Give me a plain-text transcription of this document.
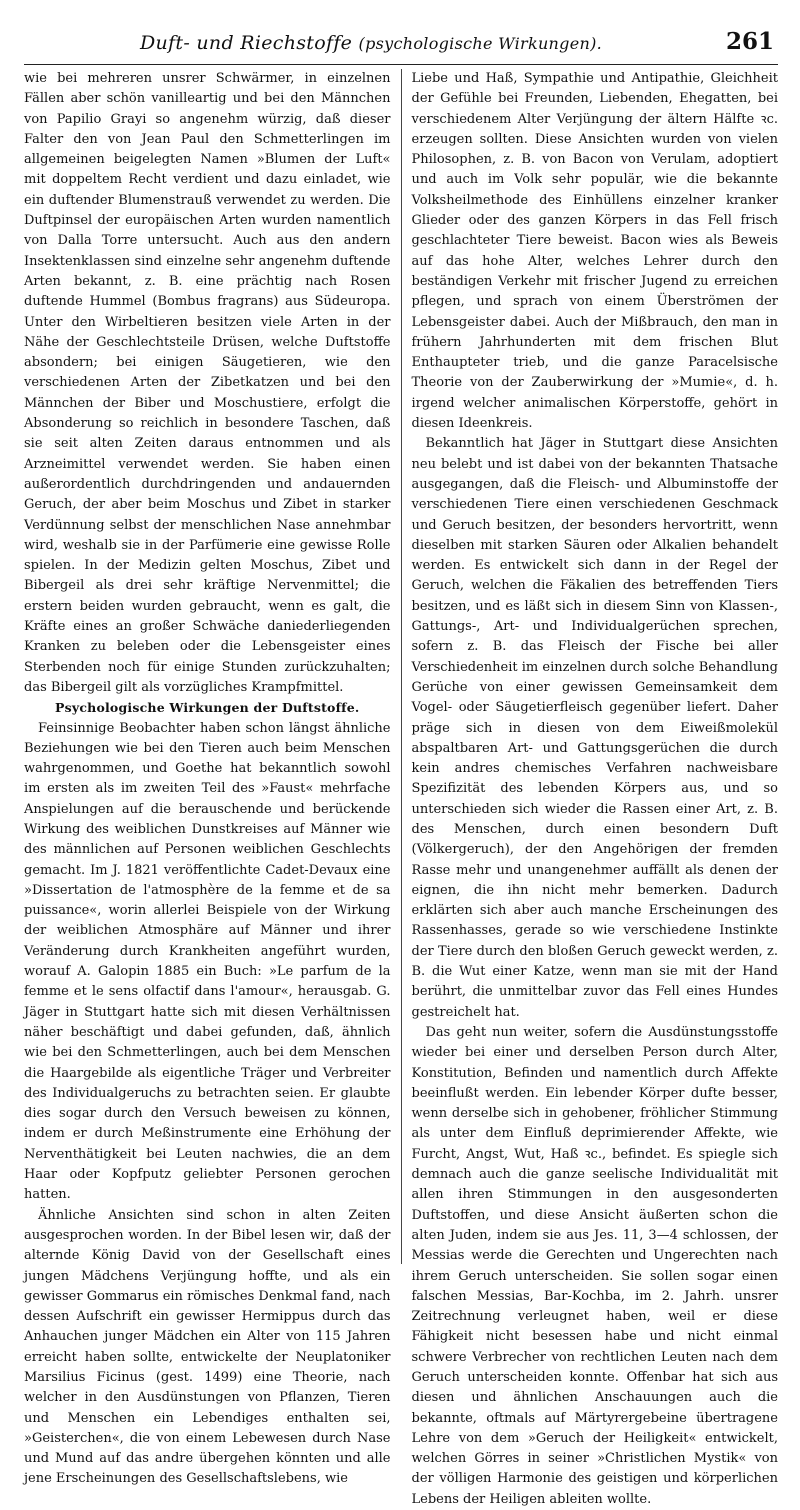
Duft- und Riechstoffe (psychologische Wirkungen).	261

wie bei mehreren unsrer Schwärmer, in einzelnen Fällen aber schön vanilleartig und bei den Männchen von Papilio Grayi so angenehm würzig, daß dieser Falter den von Jean Paul den Schmetterlingen im allgemeinen beigelegten Namen »Blumen der Luft« mit doppeltem Recht verdient und dazu einladet, wie ein duftender Blumenstrauß verwendet zu werden. Die Duftpinsel der europäischen Arten wurden namentlich von Dalla Torre untersucht. Auch aus den andern Insektenklassen sind einzelne sehr angenehm duftende Arten bekannt, z. B. eine prächtig nach Rosen duftende Hummel (Bombus fragrans) aus Südeuropa. Unter den Wirbeltieren besitzen viele Arten in der Nähe der Geschlechtsteile Drüsen, welche Duftstoffe absondern; bei einigen Säugetieren, wie den verschiedenen Arten der Zibetkatzen und bei den Männchen der Biber und Moschustiere, erfolgt die Absonderung so reichlich in besondere Taschen, daß sie seit alten Zeiten daraus entnommen und als Arzneimittel verwendet werden. Sie haben einen außerordentlich durchdringenden und andauernden Geruch, der aber beim Moschus und Zibet in starker Verdünnung selbst der menschlichen Nase annehmbar wird, weshalb sie in der Parfümerie eine gewisse Rolle spielen. In der Medizin gelten Moschus, Zibet und Bibergeil als drei sehr kräftige Nervenmittel; die erstern beiden wurden gebraucht, wenn es galt, die Kräfte eines an großer Schwäche daniederliegenden Kranken zu beleben oder die Lebensgeister eines Sterbenden noch für einige Stunden zurückzuhalten; das Bibergeil gilt als vorzügliches Krampfmittel.

Psychologische Wirkungen der Duftstoffe.

Feinsinnige Beobachter haben schon längst ähnliche Beziehungen wie bei den Tieren auch beim Menschen wahrgenommen, und Goethe hat bekanntlich sowohl im ersten als im zweiten Teil des »Faust« mehrfache Anspielungen auf die berauschende und berückende Wirkung des weiblichen Dunstkreises auf Männer wie des männlichen auf Personen weiblichen Geschlechts gemacht. Im J. 1821 veröffentlichte Cadet-Devaux eine »Dissertation de l'atmosphère de la femme et de sa puissance«, worin allerlei Beispiele von der Wirkung der weiblichen Atmosphäre auf Männer und ihrer Veränderung durch Krankheiten angeführt wurden, worauf A. Galopin 1885 ein Buch: »Le parfum de la femme et le sens olfactif dans l'amour«, herausgab. G. Jäger in Stuttgart hatte sich mit diesen Verhältnissen näher beschäftigt und dabei gefunden, daß, ähnlich wie bei den Schmetterlingen, auch bei dem Menschen die Haargebilde als eigentliche Träger und Verbreiter des Individualgeruchs zu betrachten seien. Er glaubte dies sogar durch den Versuch beweisen zu können, indem er durch Meßinstrumente eine Erhöhung der Nerventhätigkeit bei Leuten nachwies, die an dem Haar oder Kopfputz geliebter Personen gerochen hatten.

Ähnliche Ansichten sind schon in alten Zeiten ausgesprochen worden. In der Bibel lesen wir, daß der alternde König David von der Gesellschaft eines jungen Mädchens Verjüngung hoffte, und als ein gewisser Gommarus ein römisches Denkmal fand, nach dessen Aufschrift ein gewisser Hermippus durch das Anhauchen junger Mädchen ein Alter von 115 Jahren erreicht haben sollte, entwickelte der Neuplatoniker Marsilius Ficinus (gest. 1499) eine Theorie, nach welcher in den Ausdünstungen von Pflanzen, Tieren und Menschen ein Lebendiges enthalten sei, »Geisterchen«, die von einem Lebewesen durch Nase und Mund auf das andre übergehen könnten und alle jene Erscheinungen des Gesellschaftslebens, wie

Liebe und Haß, Sympathie und Antipathie, Gleichheit der Gefühle bei Freunden, Liebenden, Ehegatten, bei verschiedenem Alter Verjüngung der ältern Hälfte ꝛc. erzeugen sollten. Diese Ansichten wurden von vielen Philosophen, z. B. von Bacon von Verulam, adoptiert und auch im Volk sehr populär, wie die bekannte Volksheilmethode des Einhüllens einzelner kranker Glieder oder des ganzen Körpers in das Fell frisch geschlachteter Tiere beweist. Bacon wies als Beweis auf das hohe Alter, welches Lehrer durch den beständigen Verkehr mit frischer Jugend zu erreichen pflegen, und sprach von einem Überströmen der Lebensgeister dabei. Auch der Mißbrauch, den man in frühern Jahrhunderten mit dem frischen Blut Enthaupteter trieb, und die ganze Paracelsische Theorie von der Zauberwirkung der »Mumie«, d. h. irgend welcher animalischen Körperstoffe, gehört in diesen Ideenkreis.

Bekanntlich hat Jäger in Stuttgart diese Ansichten neu belebt und ist dabei von der bekannten Thatsache ausgegangen, daß die Fleisch- und Albuminstoffe der verschiedenen Tiere einen verschiedenen Geschmack und Geruch besitzen, der besonders hervortritt, wenn dieselben mit starken Säuren oder Alkalien behandelt werden. Es entwickelt sich dann in der Regel der Geruch, welchen die Fäkalien des betreffenden Tiers besitzen, und es läßt sich in diesem Sinn von Klassen-, Gattungs-, Art- und Individualgerüchen sprechen, sofern z. B. das Fleisch der Fische bei aller Verschiedenheit im einzelnen durch solche Behandlung Gerüche von einer gewissen Gemeinsamkeit dem Vogel- oder Säugetierfleisch gegenüber liefert. Daher präge sich in diesen von dem Eiweißmolekül abspaltbaren Art- und Gattungsgerüchen die durch kein andres chemisches Verfahren nachweisbare Spezifizität des lebenden Körpers aus, und so unterschieden sich wieder die Rassen einer Art, z. B. des Menschen, durch einen besondern Duft (Völkergeruch), der den Angehörigen der fremden Rasse mehr und unangenehmer auffällt als denen der eignen, die ihn nicht mehr bemerken. Dadurch erklärten sich aber auch manche Erscheinungen des Rassenhasses, gerade so wie verschiedene Instinkte der Tiere durch den bloßen Geruch geweckt werden, z. B. die Wut einer Katze, wenn man sie mit der Hand berührt, die unmittelbar zuvor das Fell eines Hundes gestreichelt hat.

Das geht nun weiter, sofern die Ausdünstungsstoffe wieder bei einer und derselben Person durch Alter, Konstitution, Befinden und namentlich durch Affekte beeinflußt werden. Ein lebender Körper dufte besser, wenn derselbe sich in gehobener, fröhlicher Stimmung als unter dem Einfluß deprimierender Affekte, wie Furcht, Angst, Wut, Haß ꝛc., befindet. Es spiegle sich demnach auch die ganze seelische Individualität mit allen ihren Stimmungen in den ausgesonderten Duftstoffen, und diese Ansicht äußerten schon die alten Juden, indem sie aus Jes. 11, 3—4 schlossen, der Messias werde die Gerechten und Ungerechten nach ihrem Geruch unterscheiden. Sie sollen sogar einen falschen Messias, Bar-Kochba, im 2. Jahrh. unsrer Zeitrechnung verleugnet haben, weil er diese Fähigkeit nicht besessen habe und nicht einmal schwere Verbrecher von rechtlichen Leuten nach dem Geruch unterscheiden konnte. Offenbar hat sich aus diesen und ähnlichen Anschauungen auch die bekannte, oftmals auf Märtyrergebeine übertragene Lehre von dem »Geruch der Heiligkeit« entwickelt, welchen Görres in seiner »Christlichen Mystik« von der völligen Harmonie des geistigen und körperlichen Lebens der Heiligen ableiten wollte.
